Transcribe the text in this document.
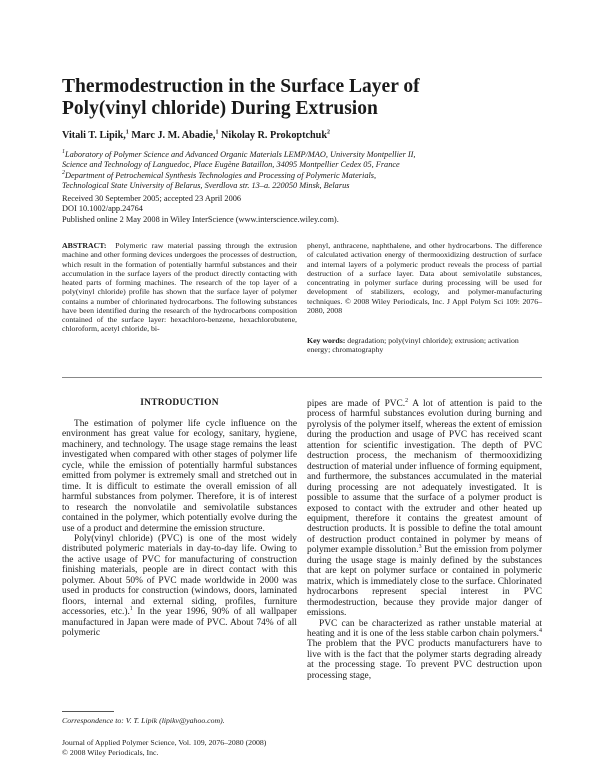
Thermodestruction in the Surface Layer of
Poly(vinyl chloride) During Extrusion
Vitali T. Lipik,$^1$ Marc J. M. Abadie,$^1$ Nikolay R. Prokoptchuk$^2$
$^1$Laboratory of Polymer Science and Advanced Organic Materials LEMP/MAO, University Montpellier II,
Science and Technology of Languedoc, Place Eugène Bataillon, 34095 Montpellier Cedex 05, France
$^2$Department of Petrochemical Synthesis Technologies and Processing of Polymeric Materials,
Technological State University of Belarus, Sverdlova str. 13–a. 220050 Minsk, Belarus
Received 30 September 2005; accepted 23 April 2006
DOI 10.1002/app.24764
Published online 2 May 2008 in Wiley InterScience (www.interscience.wiley.com).
ABSTRACT: Polymeric raw material passing through the extrusion machine and other forming devices undergoes the processes of destruction, which result in the formation of potentially harmful substances and their accumulation in the surface layers of the product directly contacting with heated parts of forming machines. The research of the top layer of a poly(vinyl chloride) profile has shown that the surface layer of polymer contains a number of chlorinated hydrocarbons. The following substances have been identified during the research of the hydrocarbons composition contained of the surface layer: hexachloro-benzene, hexachlorobutene, chloroform, acetyl chloride, bi-
phenyl, anthracene, naphthalene, and other hydrocarbons. The difference of calculated activation energy of thermooxidizing destruction of surface and internal layers of a polymeric product reveals the process of partial destruction of a surface layer. Data about semivolatile substances, concentrating in polymer surface during processing will be used for development of stabilizers, ecology, and polymer-manufacturing techniques. © 2008 Wiley Periodicals, Inc. J Appl Polym Sci 109: 2076–2080, 2008
Key words: degradation; poly(vinyl chloride); extrusion; activation energy; chromatography
INTRODUCTION

The estimation of polymer life cycle influence on the environment has great value for ecology, sanitary, hygiene, machinery, and technology. The usage stage remains the least investigated when compared with other stages of polymer life cycle, while the emission of potentially harmful substances emitted from polymer is extremely small and stretched out in time. It is difficult to estimate the overall emission of all harmful substances from polymer. Therefore, it is of interest to research the nonvolatile and semivolatile substances contained in the polymer, which potentially evolve during the use of a product and determine the emission structure.

Poly(vinyl chloride) (PVC) is one of the most widely distributed polymeric materials in day-to-day life. Owing to the active usage of PVC for manufacturing of construction finishing materials, people are in direct contact with this polymer. About 50% of PVC made worldwide in 2000 was used in products for construction (windows, doors, laminated floors, internal and external siding, profiles, furniture accessories, etc.).$^1$ In the year 1996, 90% of all wallpaper manufactured in Japan were made of PVC. About 74% of all polymeric

pipes are made of PVC.$^2$ A lot of attention is paid to the process of harmful substances evolution during burning and pyrolysis of the polymer itself, whereas the extent of emission during the production and usage of PVC has received scant attention for scientific investigation. The depth of PVC destruction process, the mechanism of thermooxidizing destruction of material under influence of forming equipment, and furthermore, the substances accumulated in the material during processing are not adequately investigated. It is possible to assume that the surface of a polymer product is exposed to contact with the extruder and other heated up equipment, therefore it contains the greatest amount of destruction products. It is possible to define the total amount of destruction product contained in polymer by means of polymer example dissolution.$^3$ But the emission from polymer during the usage stage is mainly defined by the substances that are kept on polymer surface or contained in polymeric matrix, which is immediately close to the surface. Chlorinated hydrocarbons represent special interest in PVC thermodestruction, because they provide major danger of emissions.

PVC can be characterized as rather unstable material at heating and it is one of the less stable carbon chain polymers.$^4$ The problem that the PVC products manufacturers have to live with is the fact that the polymer starts degrading already at the processing stage. To prevent PVC destruction upon processing stage,

Correspondence to: V. T. Lipik (lipikv@yahoo.com).
Journal of Applied Polymer Science, Vol. 109, 2076–2080 (2008)
© 2008 Wiley Periodicals, Inc.
